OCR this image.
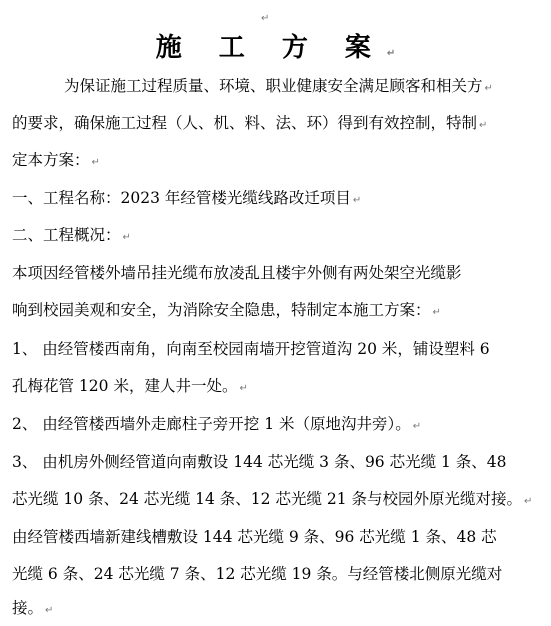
↵
施 工 方 案 ↵
为保证施工过程质量、环境、职业健康安全满足顾客和相关方 ↵
的要求，确保施工过程（人、机、料、法、环）得到有效控制，特制 ↵
定本方案： ↵
一、工程名称：2023 年经管楼光缆线路改迁项目 ↵
二、工程概况： ↵
本项因经管楼外墙吊挂光缆布放凌乱且楼宇外侧有两处架空光缆影
响到校园美观和安全，为消除安全隐患，特制定本施工方案： ↵
1、 由经管楼西南角，向南至校园南墙开挖管道沟 20 米，铺设塑料 6
孔梅花管 120 米，建人井一处。 ↵
2、 由经管楼西墙外走廊柱子旁开挖 1 米（原地沟井旁）。 ↵
3、 由机房外侧经管道向南敷设 144 芯光缆 3 条、96 芯光缆 1 条、48
芯光缆 10 条、24 芯光缆 14 条、12 芯光缆 21 条与校园外原光缆对接。 ↵
由经管楼西墙新建线槽敷设 144 芯光缆 9 条、96 芯光缆 1 条、48 芯
光缆 6 条、24 芯光缆 7 条、12 芯光缆 19 条。与经管楼北侧原光缆对
接。 ↵
